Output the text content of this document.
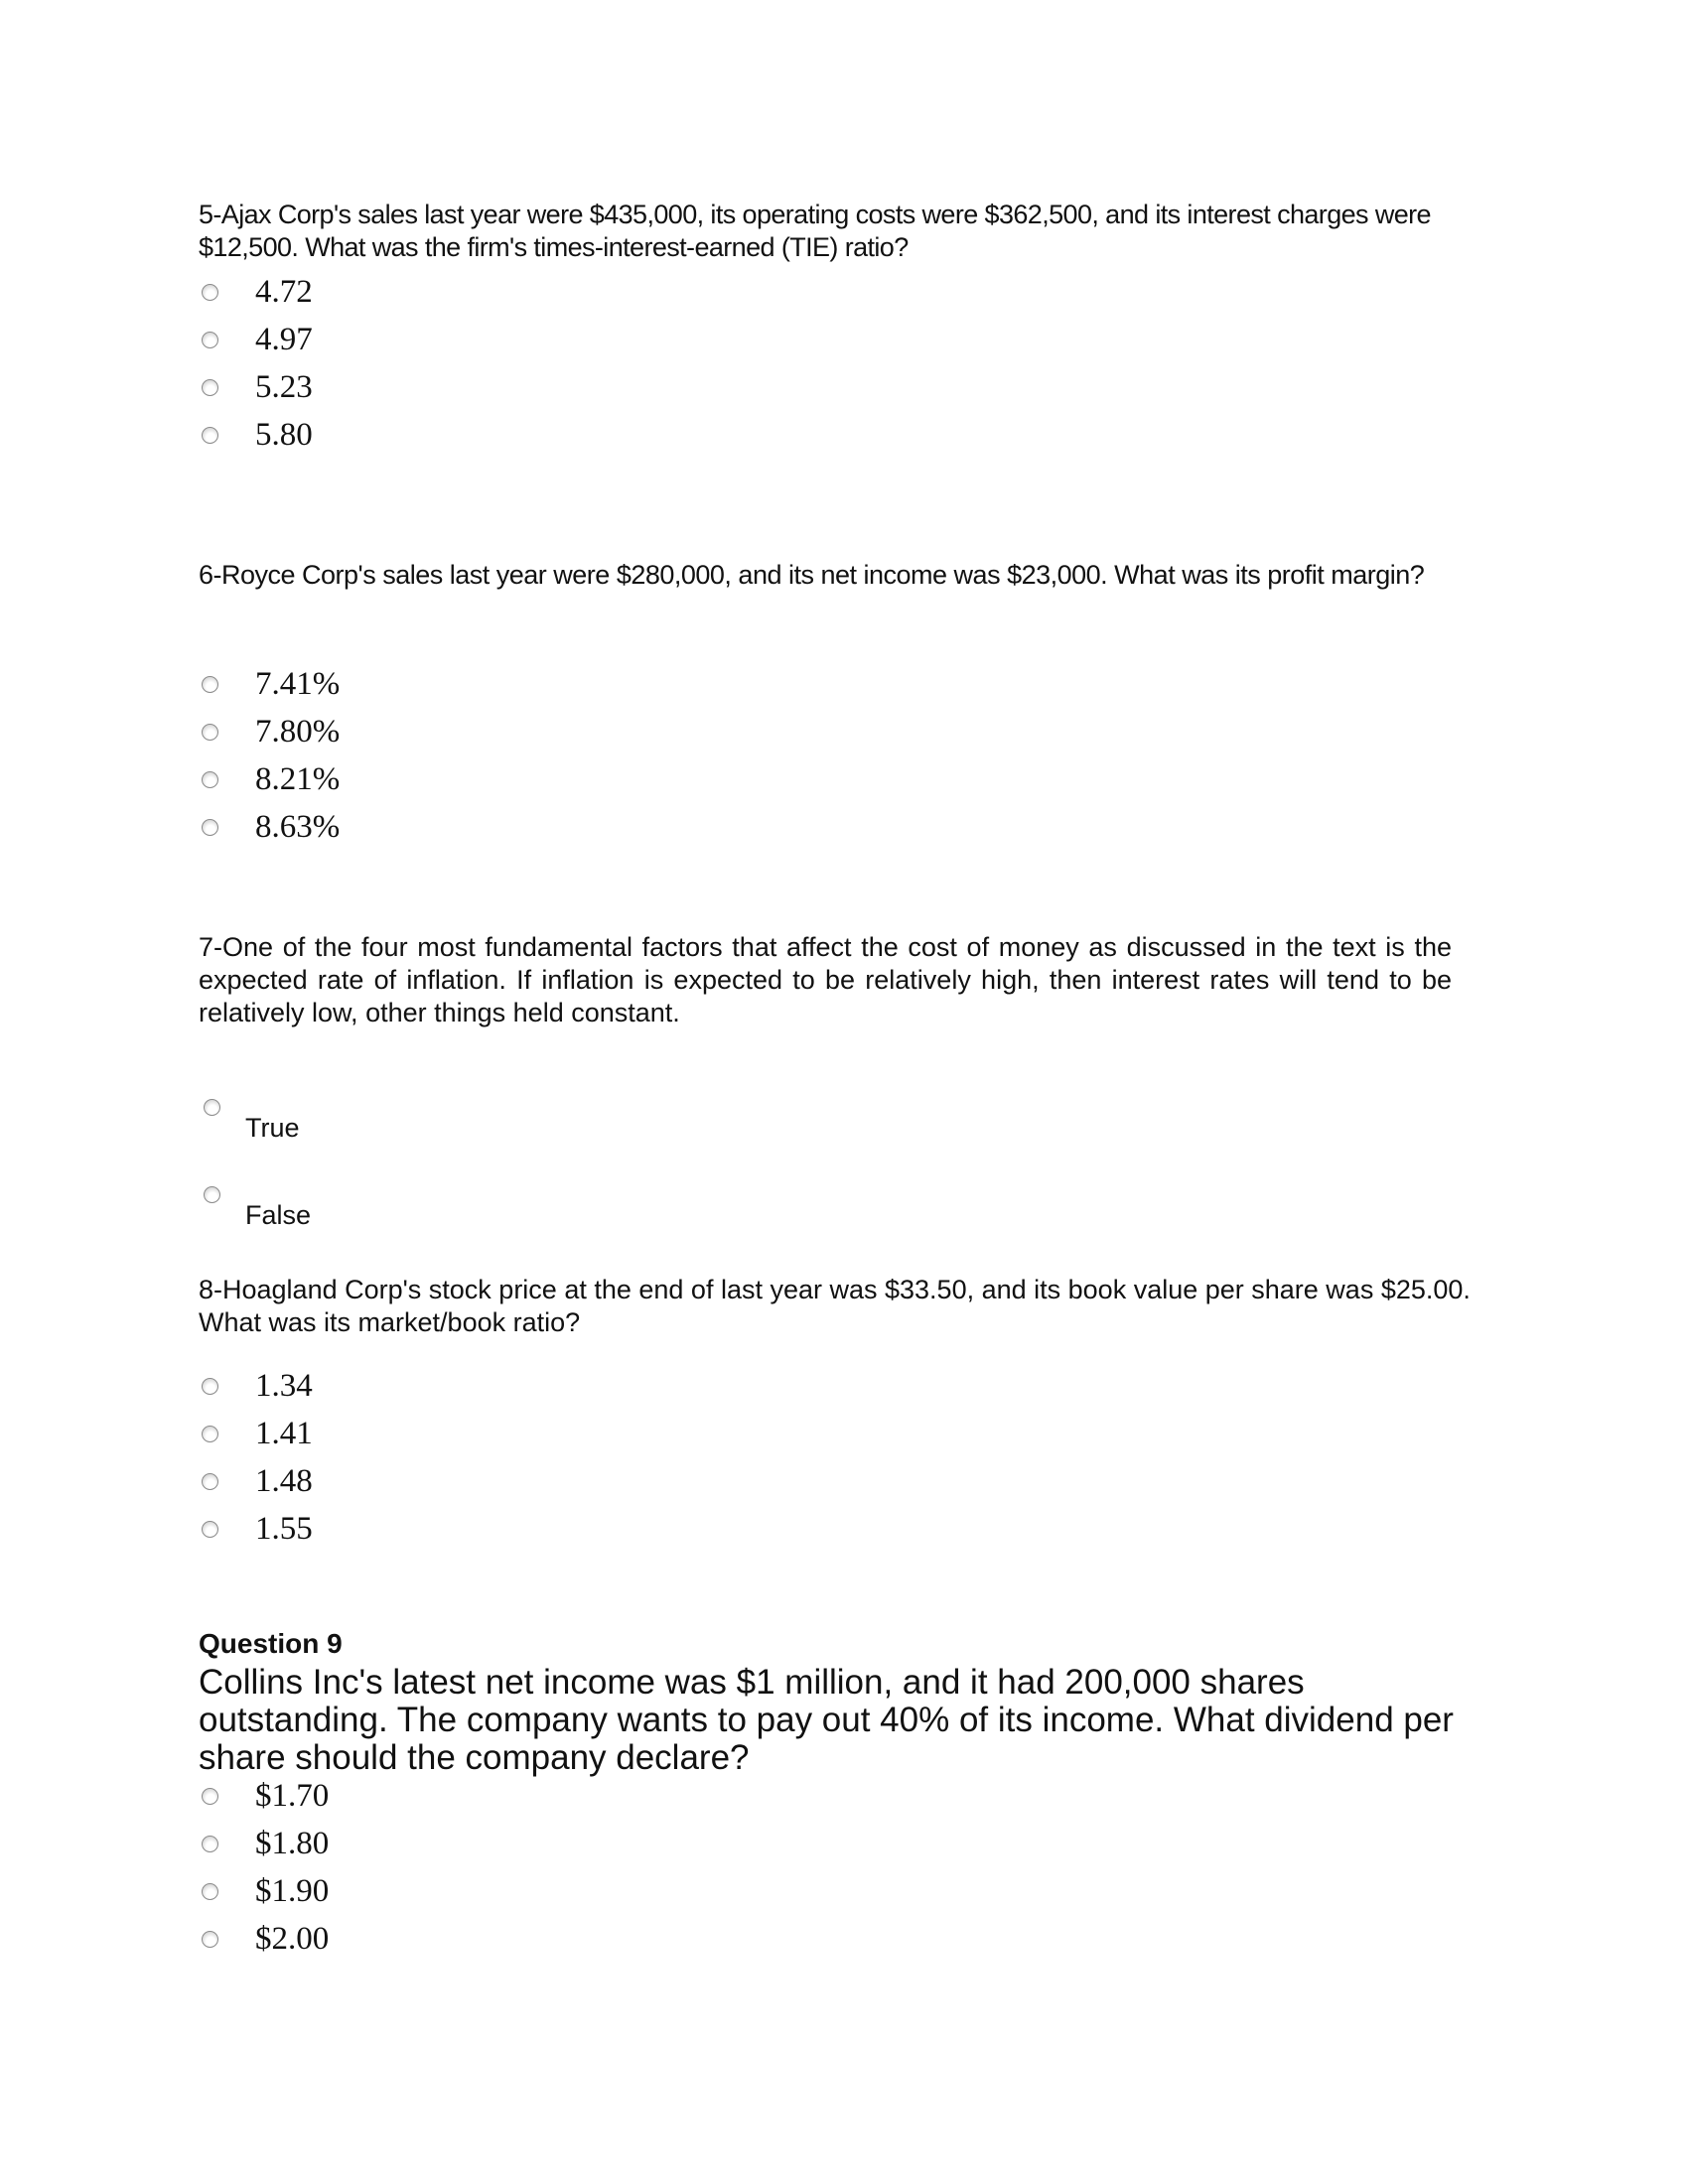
5-Ajax Corp's sales last year were $435,000, its operating costs were $362,500, and its interest charges were $12,500. What was the firm's times-interest-earned (TIE) ratio?

4.72
4.97
5.23
5.80

6-Royce Corp's sales last year were $280,000, and its net income was $23,000. What was its profit margin?

7.41%
7.80%
8.21%
8.63%

7-One of the four most fundamental factors that affect the cost of money as discussed in the text is the expected rate of inflation. If inflation is expected to be relatively high, then interest rates will tend to be relatively low, other things held constant.

True
False

8-Hoagland Corp's stock price at the end of last year was $33.50, and its book value per share was $25.00. What was its market/book ratio?

1.34
1.41
1.48
1.55

Question 9

Collins Inc's latest net income was $1 million, and it had 200,000 shares outstanding. The company wants to pay out 40% of its income. What dividend per share should the company declare?

$1.70
$1.80
$1.90
$2.00
